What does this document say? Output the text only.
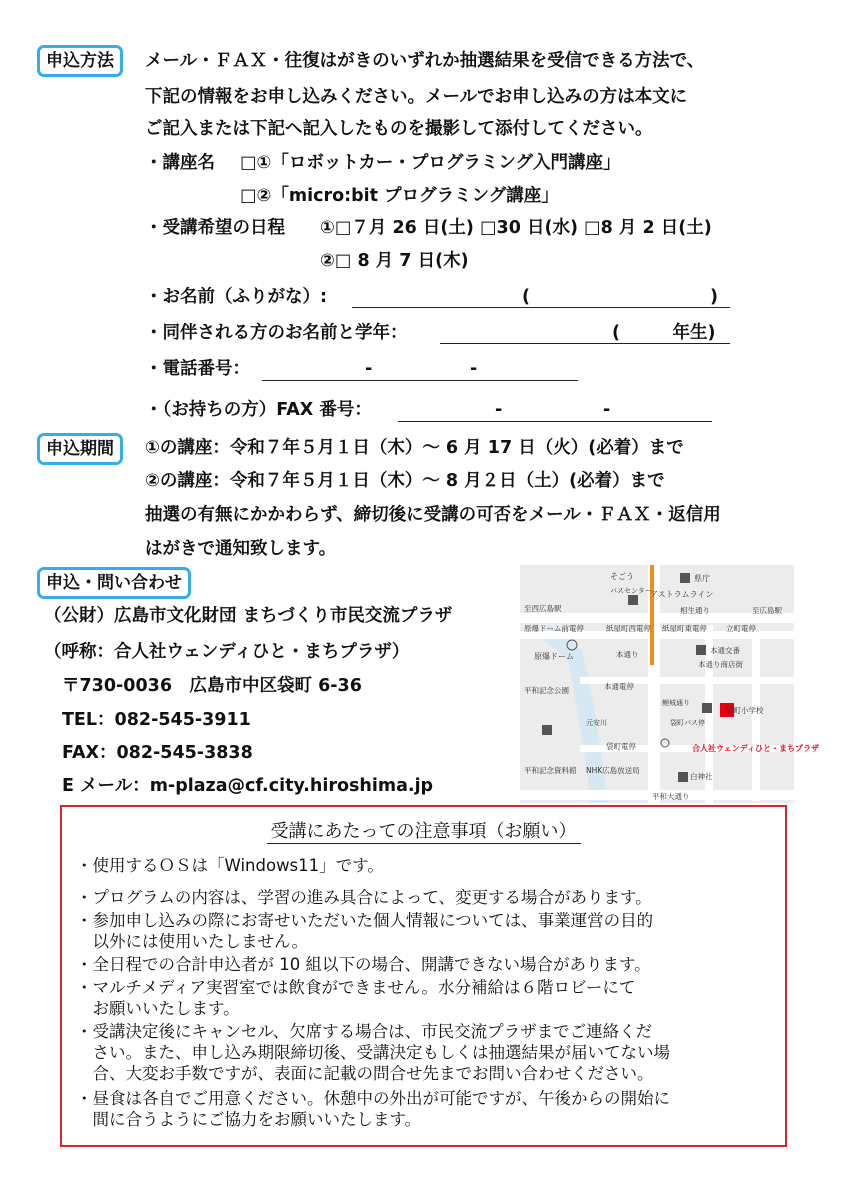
申込方法	メール・ＦＡＸ・往復はがきのいずれか抽選結果を受信できる方法で、
下記の情報をお申し込みください。メールでお申し込みの方は本文に
ご記入または下記へ記入したものを撮影して添付してください。
・講座名 □①「ロボットカー・プログラミング入門講座」
□②「micro:bit プログラミング講座」
・受講希望の日程 ①□７月 26 日(土) □30 日(水) □8 月 2 日(土)
②□ 8 月 7 日(木)
・お名前（ふりがな）:	(	)
・同伴される方のお名前と学年：	(　　　年生)
・電話番号：	-	-
・（お持ちの方）FAX 番号：	-	-
申込期間	①の講座：令和７年５月１日（木）～ 6 月 17 日（火）(必着）まで
②の講座：令和７年５月１日（木）～ 8 月２日（土）(必着）まで
抽選の有無にかかわらず、締切後に受講の可否をメール・ＦＡＸ・返信用
はがきで通知致します。
申込・問い合わせ
（公財）広島市文化財団 まちづくり市民交流プラザ
（呼称：合人社ウェンディひと・まちプラザ）
〒730-0036　広島市中区袋町 6-36
TEL：082-545-3911
FAX：082-545-3838
E メール：m-plaza@cf.city.hiroshima.jp
県庁
アストラムライン
そごう
バスセンター
至西広島駅	相生通り	至広島駅
原爆ドーム前電停	紙屋町西電停 紙屋町東電停	立町電停
原爆ドーム	本通り	本通交番
本通り商店街
平和記念公園	本通電停
鯉城通り
袋町小学校
元安川	袋町バス停
袋町電停	合人社ウェンディひと・まちプラザ
平和記念資料館 NHK広島放送局
白神社
平和大通り
受講にあたっての注意事項（お願い）
・使用するＯＳは「Windows11」です。
・プログラムの内容は、学習の進み具合によって、変更する場合があります。
・参加申し込みの際にお寄せいただいた個人情報については、事業運営の目的
　以外には使用いたしません。
・全日程での合計申込者が 10 組以下の場合、開講できない場合があります。
・マルチメディア実習室では飲食ができません。水分補給は６階ロビーにて
　お願いいたします。
・受講決定後にキャンセル、欠席する場合は、市民交流プラザまでご連絡くだ
　さい。また、申し込み期限締切後、受講決定もしくは抽選結果が届いてない場
　合、大変お手数ですが、表面に記載の問合せ先までお問い合わせください。
・昼食は各自でご用意ください。休憩中の外出が可能ですが、午後からの開始に
　間に合うようにご協力をお願いいたします。
